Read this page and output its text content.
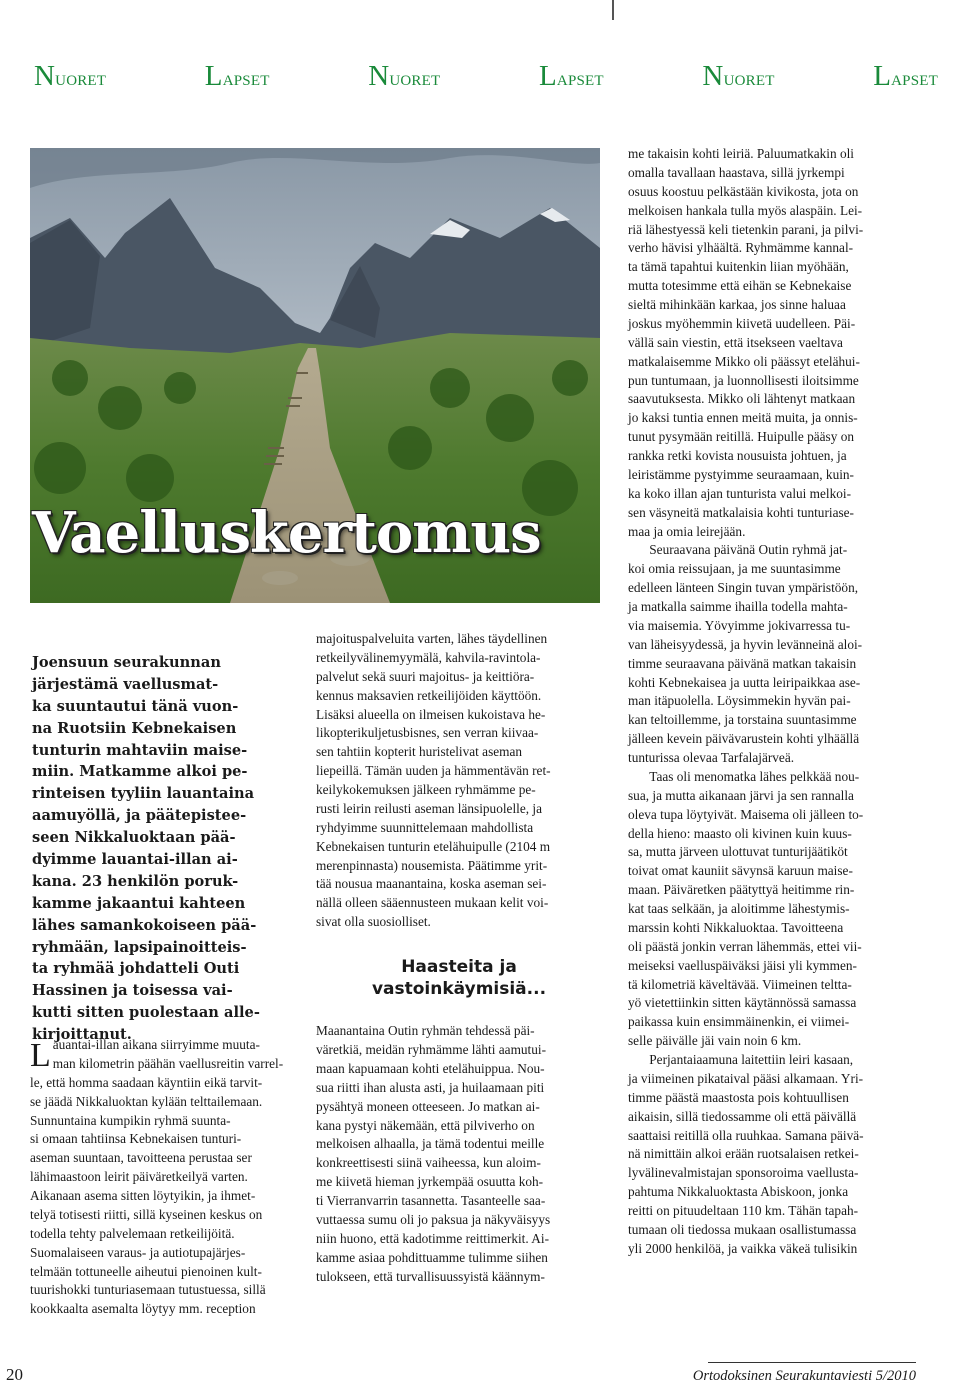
Nuoret	Lapset	Nuoret	Lapset	Nuoret	Lapset
Vaelluskertomus
Joensuun seurakunnan
järjestämä vaellusmat-
ka suuntautui tänä vuon-
na Ruotsiin Kebnekaisen
tunturin mahtaviin maise-
miin. Matkamme alkoi pe-
rinteisen tyyliin lauantaina
aamuyöllä, ja päätepistee-
seen Nikkaluoktaan pää-
dyimme lauantai-illan ai-
kana. 23 henkilön poruk-
kamme jakaantui kahteen
lähes samankokoiseen pää-
ryhmään, lapsipainoitteis-
ta ryhmää johdatteli Outi
Hassinen ja toisessa vai-
kutti sitten puolestaan alle-
kirjoittanut.

Lauantai-illan aikana siirryimme muuta-
man kilometrin päähän vaellusreitin varrel-
le, että homma saadaan käyntiin eikä tarvit-
se jäädä Nikkaluoktan kylään telttailemaan.

Sunnuntaina kumpikin ryhmä suunta-
si omaan tahtiinsa Kebnekaisen tunturi-
aseman suuntaan, tavoitteena perustaa ser
lähimaastoon leirit päiväretkeilyä varten.
Aikanaan asema sitten löytyikin, ja ihmet-
telyä totisesti riitti, sillä kyseinen keskus on
todella tehty palvelemaan retkeilijöitä.

Suomalaiseen varaus- ja autiotupajärjes-
telmään tottuneelle aiheutui pienoinen kult-
tuurishokki tunturiasemaan tutustuessa, sillä
kookkaalta asemalta löytyy mm. reception

majoituspalveluita varten, lähes täydellinen
retkeilyvälinemyymälä, kahvila-ravintola-
palvelut sekä suuri majoitus- ja keittiöra-
kennus maksavien retkeilijöiden käyttöön.
Lisäksi alueella on ilmeisen kukoistava he-
likopterikuljetusbisnes, sen verran kiivaa-
sen tahtiin kopterit huristelivat aseman
liepeillä. Tämän uuden ja hämmentävän ret-
keilykokemuksen jälkeen ryhmämme pe-
rusti leirin reilusti aseman länsipuolelle, ja
ryhdyimme suunnittelemaan mahdollista
Kebnekaisen tunturin etelähuipulle (2104 m
merenpinnasta) nousemista. Päätimme yrit-
tää nousua maanantaina, koska aseman sei-
nällä olleen sääennusteen mukaan kelit voi-
sivat olla suosiolliset.

Haasteita ja
vastoinkäymisiä...

Maanantaina Outin ryhmän tehdessä päi-
väretkiä, meidän ryhmämme lähti aamutui-
maan kapuamaan kohti etelähuippua. Nou-
sua riitti ihan alusta asti, ja huilaamaan piti
pysähtyä moneen otteeseen. Jo matkan ai-
kana pystyi näkemään, että pilviverho on
melkoisen alhaalla, ja tämä todentui meille
konkreettisesti siinä vaiheessa, kun aloim-
me kiivetä hieman jyrkempää osuutta koh-
ti Vierranvarrin tasannetta. Tasanteelle saa-
vuttaessa sumu oli jo paksua ja näkyväisyys
niin huono, että kadotimme reittimerkit. Ai-
kamme asiaa pohdittuamme tulimme siihen
tulokseen, että turvallisuussyistä käännym-

me takaisin kohti leiriä. Paluumatkakin oli
omalla tavallaan haastava, sillä jyrkempi
osuus koostuu pelkästään kivikosta, jota on
melkoisen hankala tulla myös alaspäin. Lei-
riä lähestyessä keli tietenkin parani, ja pilvi-
verho hävisi ylhäältä. Ryhmämme kannal-
ta tämä tapahtui kuitenkin liian myöhään,
mutta totesimme että eihän se Kebnekaise
sieltä mihinkään karkaa, jos sinne haluaa
joskus myöhemmin kiivetä uudelleen. Päi-
vällä sain viestin, että itsekseen vaeltava
matkalaisemme Mikko oli päässyt etelähui-
pun tuntumaan, ja luonnollisesti iloitsimme
saavutuksesta. Mikko oli lähtenyt matkaan
jo kaksi tuntia ennen meitä muita, ja onnis-
tunut pysymään reitillä. Huipulle pääsy on
rankka retki kovista nousuista johtuen, ja
leiristämme pystyimme seuraamaan, kuin-
ka koko illan ajan tunturista valui melkoi-
sen väsyneitä matkalaisia kohti tunturiase-
maa ja omia leirejään.

Seuraavana päivänä Outin ryhmä jat-
koi omia reissujaan, ja me suuntasimme
edelleen länteen Singin tuvan ympäristöön,
ja matkalla saimme ihailla todella mahta-
via maisemia. Yövyimme jokivarressa tu-
van läheisyydessä, ja hyvin levänneinä aloi-
timme seuraavana päivänä matkan takaisin
kohti Kebnekaisea ja uutta leiripaikkaa ase-
man itäpuolella. Löysimmekin hyvän pai-
kan teltoillemme, ja torstaina suuntasimme
jälleen kevein päivävarustein kohti ylhäällä
tunturissa olevaa Tarfalajärveä.

Taas oli menomatka lähes pelkkää nou-
sua, ja mutta aikanaan järvi ja sen rannalla
oleva tupa löytyivät. Maisema oli jälleen to-
della hieno: maasto oli kivinen kuin kuus-
sa, mutta järveen ulottuvat tunturijäätiköt
toivat omat kauniit sävynsä karuun maise-
maan. Päiväretken päätyttyä heitimme rin-
kat taas selkään, ja aloitimme lähestymis-
marssin kohti Nikkaluoktaa. Tavoitteena
oli päästä jonkin verran lähemmäs, ettei vii-
meiseksi vaelluspäiväksi jäisi yli kymmen-
tä kilometriä käveltävää. Viimeinen teltta-
yö vietettiinkin sitten käytännössä samassa
paikassa kuin ensimmäinenkin, ei viimei-
selle päivälle jäi vain noin 6 km.

Perjantaiaamuna laitettiin leiri kasaan,
ja viimeinen pikataival pääsi alkamaan. Yri-
timme päästä maastosta pois kohtuullisen
aikaisin, sillä tiedossamme oli että päivällä
saattaisi reitillä olla ruuhkaa. Samana päivä-
nä nimittäin alkoi erään ruotsalaisen retkei-
lyvälinevalmistajan sponsoroima vaellusta-
pahtuma Nikkaluoktasta Abiskoon, jonka
reitti on pituudeltaan 110 km. Tähän tapah-
tumaan oli tiedossa mukaan osallistumassa
yli 2000 henkilöä, ja vaikka väkeä tulisikin

20	Ortodoksinen Seurakuntaviesti 5/2010
